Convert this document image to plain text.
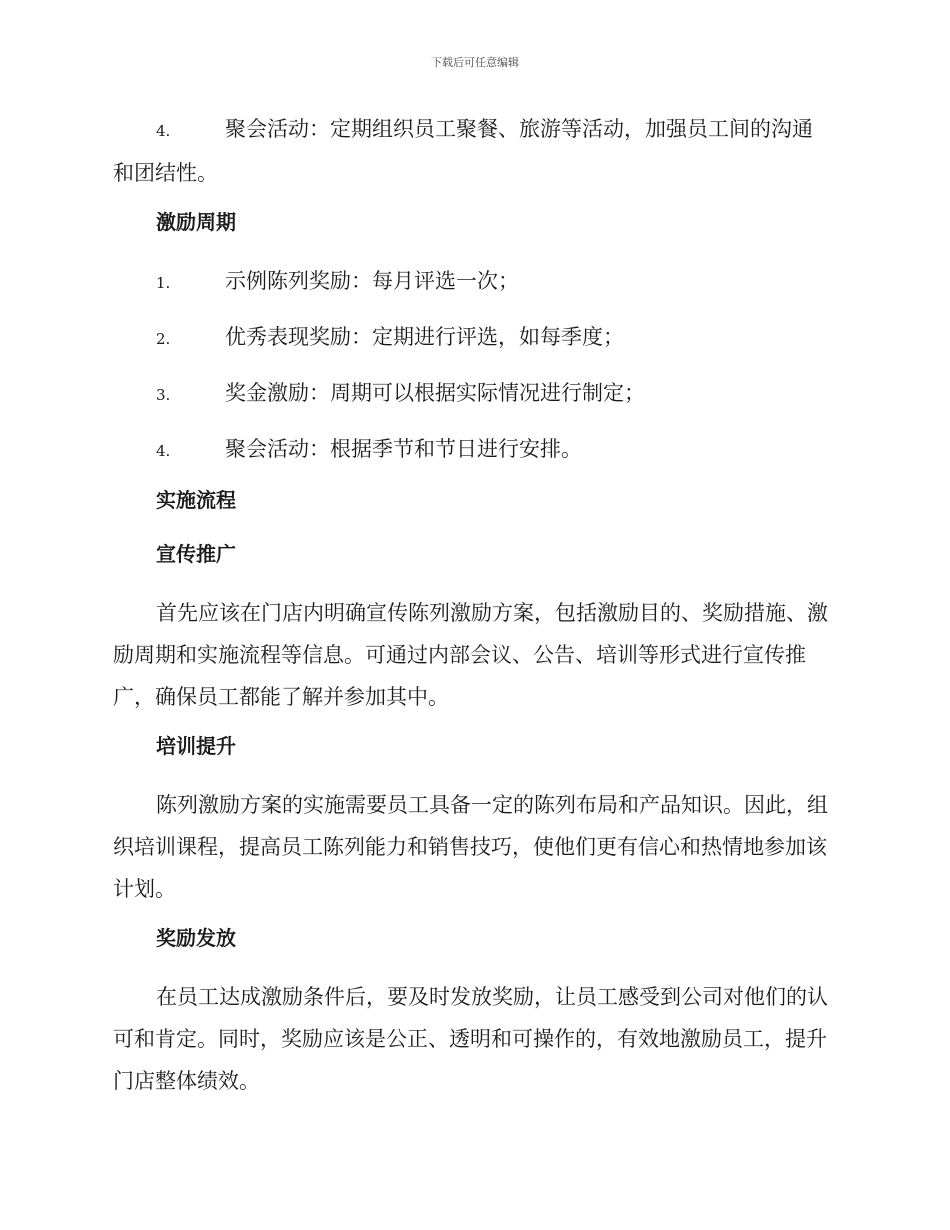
下载后可任意编辑
4.	聚会活动：定期组织员工聚餐、旅游等活动，加强员工间的沟通和团结性。
激励周期
1.	示例陈列奖励：每月评选一次；
2.	优秀表现奖励：定期进行评选，如每季度；
3.	奖金激励：周期可以根据实际情况进行制定；
4.	聚会活动：根据季节和节日进行安排。
实施流程
宣传推广
首先应该在门店内明确宣传陈列激励方案，包括激励目的、奖励措施、激励周期和实施流程等信息。可通过内部会议、公告、培训等形式进行宣传推广，确保员工都能了解并参加其中。
培训提升
陈列激励方案的实施需要员工具备一定的陈列布局和产品知识。因此，组织培训课程，提高员工陈列能力和销售技巧，使他们更有信心和热情地参加该计划。
奖励发放
在员工达成激励条件后，要及时发放奖励，让员工感受到公司对他们的认可和肯定。同时，奖励应该是公正、透明和可操作的，有效地激励员工，提升门店整体绩效。
